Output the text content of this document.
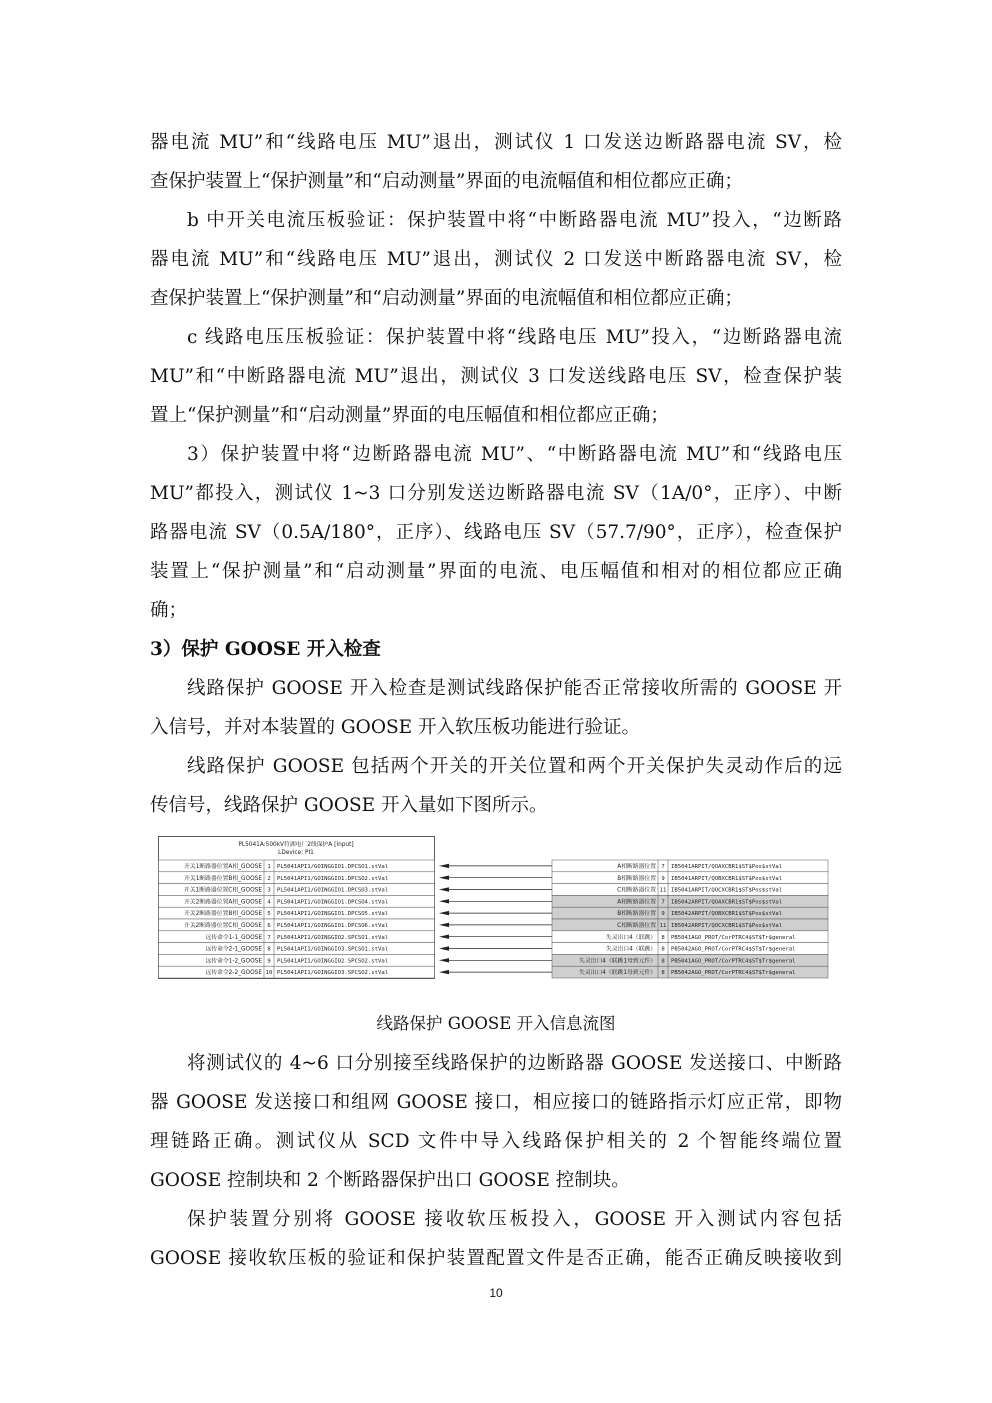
器电流 MU”和“线路电压 MU”退出，测试仪 1 口发送边断路器电流 SV，检

查保护装置上“保护测量”和“启动测量”界面的电流幅值和相位都应正确；

b 中开关电流压板验证：保护装置中将“中断路器电流 MU”投入，“边断路

器电流 MU”和“线路电压 MU”退出，测试仪 2 口发送中断路器电流 SV，检

查保护装置上“保护测量”和“启动测量”界面的电流幅值和相位都应正确；

c 线路电压压板验证：保护装置中将“线路电压 MU”投入，“边断路器电流

MU”和“中断路器电流 MU”退出，测试仪 3 口发送线路电压 SV，检查保护装

置上“保护测量”和“启动测量”界面的电压幅值和相位都应正确；

3）保护装置中将“边断路器电流 MU”、“中断路器电流 MU”和“线路电压

MU”都投入，测试仪 1~3 口分别发送边断路器电流 SV（1A/0°，正序）、中断

路器电流 SV（0.5A/180°，正序）、线路电压 SV（57.7/90°，正序），检查保护

装置上“保护测量”和“启动测量”界面的电流、电压幅值和相对的相位都应正确

确；

3）保护 GOOSE 开入检查

线路保护 GOOSE 开入检查是测试线路保护能否正常接收所需的 GOOSE 开

入信号，并对本装置的 GOOSE 开入软压板功能进行验证。

线路保护 GOOSE 包括两个开关的开关位置和两个开关保护失灵动作后的远

传信号，线路保护 GOOSE 开入量如下图所示。

将测试仪的 4~6 口分别接至线路保护的边断路器 GOOSE 发送接口、中断路

器 GOOSE 发送接口和组网 GOOSE 接口，相应接口的链路指示灯应正常，即物

理链路正确。测试仪从 SCD 文件中导入线路保护相关的 2 个智能终端位置

GOOSE 控制块和 2 个断路器保护出口 GOOSE 控制块。

保护装置分别将 GOOSE 接收软压板投入，GOOSE 开入测试内容包括

GOOSE 接收软压板的验证和保护装置配置文件是否正确，能否正确反映接收到

PL5041A:500kV符湖电厂2线保护A [Input]
LDevice: PI1
开关1断路器位置A相_GOOSE 1 PL5041API1/GOINGGIO1.DPCSO1.stVal
开关1断路器位置B相_GOOSE 2 PL5041API1/GOINGGIO1.DPCSO2.stVal
开关1断路器位置C相_GOOSE 3 PL5041API1/GOINGGIO1.DPCSO3.stVal
开关2断路器位置A相_GOOSE 4 PL5041API1/GOINGGIO1.DPCSO4.stVal
开关2断路器位置B相_GOOSE 5 PL5041API1/GOINGGIO1.DPCSO5.stVal
开关2断路器位置C相_GOOSE 6 PL5041API1/GOINGGIO1.DPCSO6.stVal
远传命令1-1_GOOSE 7 PL5041API1/GOINGGIO2.SPCSO1.stVal
远传命令2-1_GOOSE 8 PL5041API1/GOINGGIO3.SPCSO1.stVal
远传命令1-2_GOOSE 9 PL5041API1/GOINGGIO2.SPCSO2.stVal
远传命令2-2_GOOSE 10 PL5041API1/GOINGGIO3.SPCSO2.stVal
A相断路器位置 7 IB5041ARPIT/QOAXCBR1$ST$Pos$stVal
B相断路器位置 9 IB5041ARPIT/QOBXCBR1$ST$Pos$stVal
C相断路器位置 11 IB5041ARPIT/QOCXCBR1$ST$Pos$stVal
A相断路器位置 7 IB5042ARPIT/QOAXCBR1$ST$Pos$stVal
B相断路器位置 9 IB5042ARPIT/QOBXCBR1$ST$Pos$stVal
C相断路器位置 11 IB5042ARPIT/QOCXCBR1$ST$Pos$stVal
失灵出口4（联跳） 8 PB5041AGO_PROT/CorPTRC4$ST$Tr$general
失灵出口4（联跳） 8 PB5042AGO_PROT/CorPTRC4$ST$Tr$general
失灵出口4（联跳1母到元件） 8 PB5041AGO_PROT/CorPTRC4$ST$Tr$general
失灵出口4（联跳1母到元件） 8 PB5042AGO_PROT/CorPTRC4$ST$Tr$general

线路保护 GOOSE 开入信息流图

10
